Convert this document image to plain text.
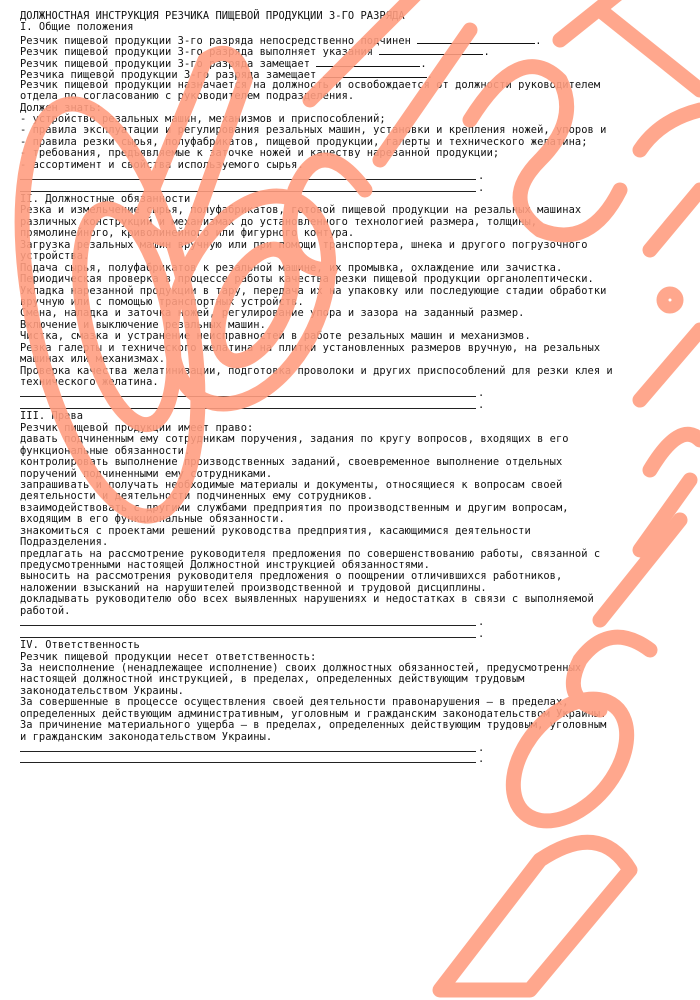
ДОЛЖНОСТНАЯ ИНСТРУКЦИЯ РЕЗЧИКА ПИЩЕВОЙ ПРОДУКЦИИ 3-ГО РАЗРЯДА
I. Общие положения
Резчик пищевой продукции 3-го разряда непосредственно подчинен	.
Резчик пищевой продукции 3-го разряда выполняет указания	.
Резчик пищевой продукции 3-го разряда замещает	.
Резчика пищевой продукции 3-го разряда замещает	.
Резчик пищевой продукции назначается на должность и освобождается от должности руководителем
отдела по согласованию с руководителем подразделения.
Должен знать:
- устройство резальных машин, механизмов и приспособлений;
- правила эксплуатации и регулирования резальных машин, установки и крепления ножей, упоров и
- правила резки сырья, полуфабрикатов, пищевой продукции, галерты и технического желатина;
- требования, предъявляемые к заточке ножей и качеству нарезанной продукции;
- ассортимент и свойства используемого сырья.
.
.
II. Должностные обязанности
Резка и измельчение сырья, полуфабрикатов, готовой пищевой продукции на резальных машинах
различных конструкций и механизмах до установленного технологией размера, толщины,
прямолинейного, криволинейного или фигурного контура.
Загрузка резальных машин вручную или при помощи транспортера, шнека и другого погрузочного
устройства.
Подача сырья, полуфабрикатов к резальной машине, их промывка, охлаждение или зачистка.
Периодическая проверка в процессе работы качества резки пищевой продукции органолептически.
Укладка нарезанной продукции в тару, передача их на упаковку или последующие стадии обработки
вручную или с помощью транспортных устройств.
Смена, наладка и заточка ножей, регулирование упора и зазора на заданный размер.
Включение и выключение резальных машин.
Чистка, смазка и устранение неисправностей в работе резальных машин и механизмов.
Резка галерты и технического желатина на плитки установленных размеров вручную, на резальных
машинах или механизмах.
Проверка качества желатинизации, подготовка проволоки и других приспособлений для резки клея и
технического желатина.
.
.
III. Права
Резчик пищевой продукции имеет право:
давать подчиненным ему сотрудникам поручения, задания по кругу вопросов, входящих в его
функциональные обязанности.
контролировать выполнение производственных заданий, своевременное выполнение отдельных
поручений подчиненными ему сотрудниками.
запрашивать и получать необходимые материалы и документы, относящиеся к вопросам своей
деятельности и деятельности подчиненных ему сотрудников.
взаимодействовать с другими службами предприятия по производственным и другим вопросам,
входящим в его функциональные обязанности.
знакомиться с проектами решений руководства предприятия, касающимися деятельности
Подразделения.
предлагать на рассмотрение руководителя предложения по совершенствованию работы, связанной с
предусмотренными настоящей Должностной инструкцией обязанностями.
выносить на рассмотрения руководителя предложения о поощрении отличившихся работников,
наложении взысканий на нарушителей производственной и трудовой дисциплины.
докладывать руководителю обо всех выявленных нарушениях и недостатках в связи с выполняемой
работой.
.
.
IV. Ответственность
Резчик пищевой продукции несет ответственность:
За неисполнение (ненадлежащее исполнение) своих должностных обязанностей, предусмотренных
настоящей должностной инструкцией, в пределах, определенных действующим трудовым
законодательством Украины.
За совершенные в процессе осуществления своей деятельности правонарушения – в пределах,
определенных действующим административным, уголовным и гражданским законодательством Украины.
За причинение материального ущерба – в пределах, определенных действующим трудовым, уголовным
и гражданским законодательством Украины.
.
.
